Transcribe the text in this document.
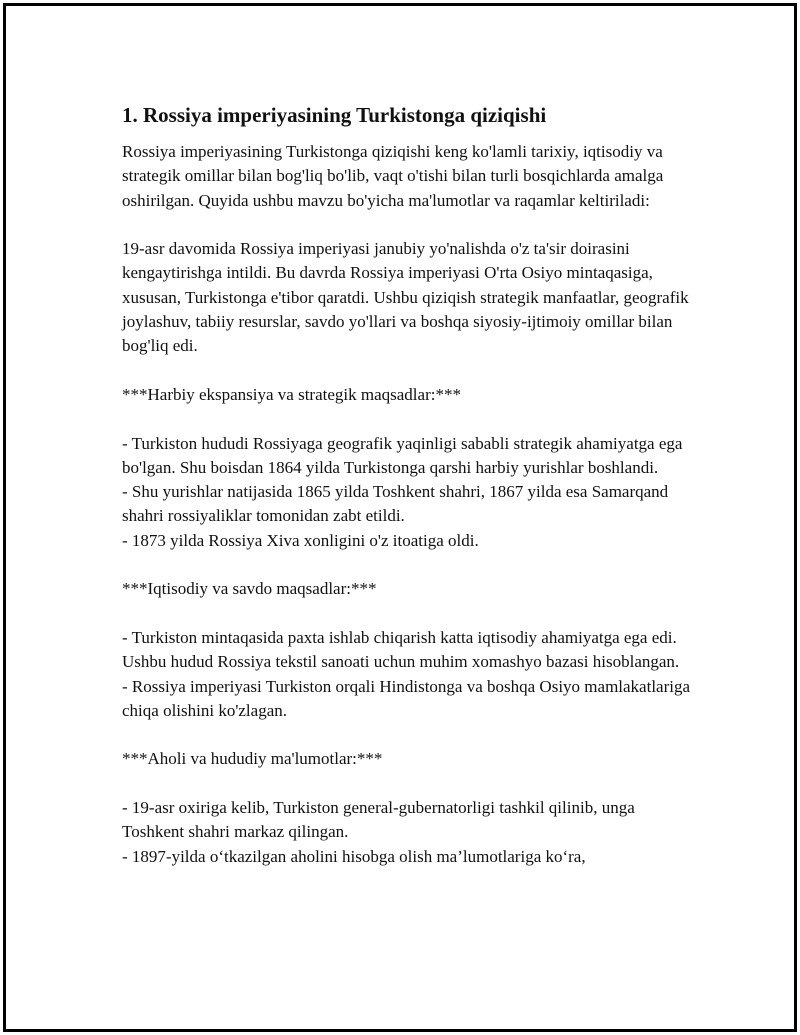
1. Rossiya imperiyasining Turkistonga qiziqishi

Rossiya imperiyasining Turkistonga qiziqishi keng ko'lamli tarixiy, iqtisodiy va strategik omillar bilan bog'liq bo'lib, vaqt o'tishi bilan turli bosqichlarda amalga oshirilgan. Quyida ushbu mavzu bo'yicha ma'lumotlar va raqamlar keltiriladi:

19-asr davomida Rossiya imperiyasi janubiy yo'nalishda o'z ta'sir doirasini kengaytirishga intildi. Bu davrda Rossiya imperiyasi O'rta Osiyo mintaqasiga, xususan, Turkistonga e'tibor qaratdi. Ushbu qiziqish strategik manfaatlar, geografik joylashuv, tabiiy resurslar, savdo yo'llari va boshqa siyosiy-ijtimoiy omillar bilan bog'liq edi.

***Harbiy ekspansiya va strategik maqsadlar:***

- Turkiston hududi Rossiyaga geografik yaqinligi sababli strategik ahamiyatga ega bo'lgan. Shu boisdan 1864 yilda Turkistonga qarshi harbiy yurishlar boshlandi.

- Shu yurishlar natijasida 1865 yilda Toshkent shahri, 1867 yilda esa Samarqand shahri rossiyaliklar tomonidan zabt etildi.

- 1873 yilda Rossiya Xiva xonligini o'z itoatiga oldi.

***Iqtisodiy va savdo maqsadlar:***

- Turkiston mintaqasida paxta ishlab chiqarish katta iqtisodiy ahamiyatga ega edi. Ushbu hudud Rossiya tekstil sanoati uchun muhim xomashyo bazasi hisoblangan.

- Rossiya imperiyasi Turkiston orqali Hindistonga va boshqa Osiyo mamlakatlariga chiqa olishini ko'zlagan.

***Aholi va hududiy ma'lumotlar:***

- 19-asr oxiriga kelib, Turkiston general-gubernatorligi tashkil qilinib, unga Toshkent shahri markaz qilingan.

- 1897-yilda o‘tkazilgan aholini hisobga olish ma’lumotlariga ko‘ra,
